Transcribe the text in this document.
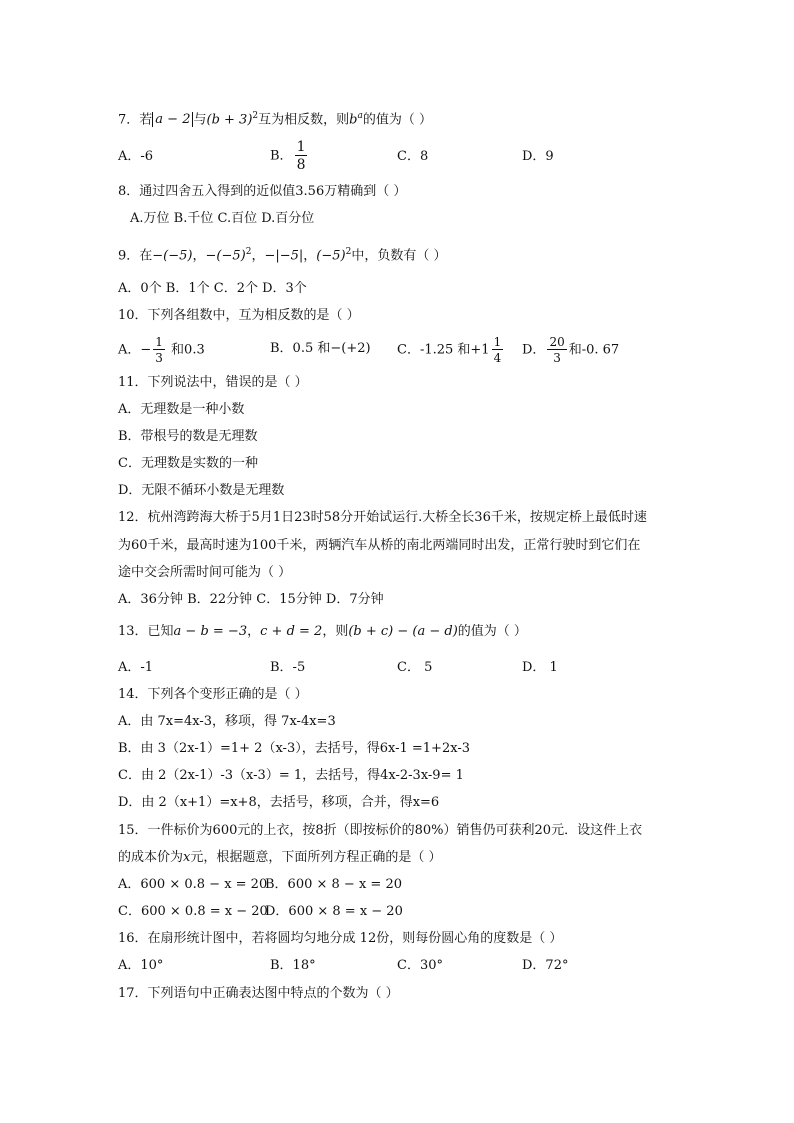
7．若 a − 2 与$(b + 3)^2$互为相反数，则$b^a$的值为（ ）
A．-6	B． $\frac{1}{8}$	C．8	D．9
8．通过四舍五入得到的近似值3.56万精确到（ ）
A.万位 B.千位 C.百位 D.百分位
9．在−(−5)，$-(-5)^2$，−|−5|，$(-5)^2$中，负数有（ ）
A．0个 B．1个 C．2个 D．3个
10．下列各组数中，互为相反数的是（ ）
A．− $\frac{1}{3}$ 和0.3	B．0.5 和−(+2) C．-1.25 和$+1 \frac{1}{4}$ D． $\frac{20}{3}$ 和-0. 67
11．下列说法中，错误的是（ ）
A．无理数是一种小数
B．带根号的数是无理数
C．无理数是实数的一种
D．无限不循环小数是无理数
12．杭州湾跨海大桥于5月1日23时58分开始试运行.大桥全长36千米，按规定桥上最低时速
为60千米，最高时速为100千米，两辆汽车从桥的南北两端同时出发，正常行驶时到它们在
途中交会所需时间可能为（ ）
A．36分钟 B．22分钟 C．15分钟 D．7分钟
13．已知a − b = −3，c + d = 2，则(b + c) − (a − d)的值为（ ）
A．-1	B．-5	C． 5	D． 1
14．下列各个变形正确的是（ ）
A．由 7x=4x-3，移项，得 7x-4x=3
B．由 3（2x-1）=1+ 2（x-3），去括号，得6x-1 =1+2x-3
C．由 2（2x-1）-3（x-3）= 1，去括号，得4x-2-3x-9= 1
D．由 2（x+1）=x+8，去括号，移项，合并，得x=6
15．一件标价为600元的上衣，按8折（即按标价的80%）销售仍可获利20元．设这件上衣
的成本价为x元，根据题意，下面所列方程正确的是（ ）
A．600 × 0.8 − x = 20
B．600 × 8 − x = 20
C．600 × 0.8 = x − 20
D．600 × 8 = x − 20
16．在扇形统计图中，若将圆均匀地分成 12份，则每份圆心角的度数是（ ）
A．10°	B．18°	C．30°	D．72°
17．下列语句中正确表达图中特点的个数为（ ）
